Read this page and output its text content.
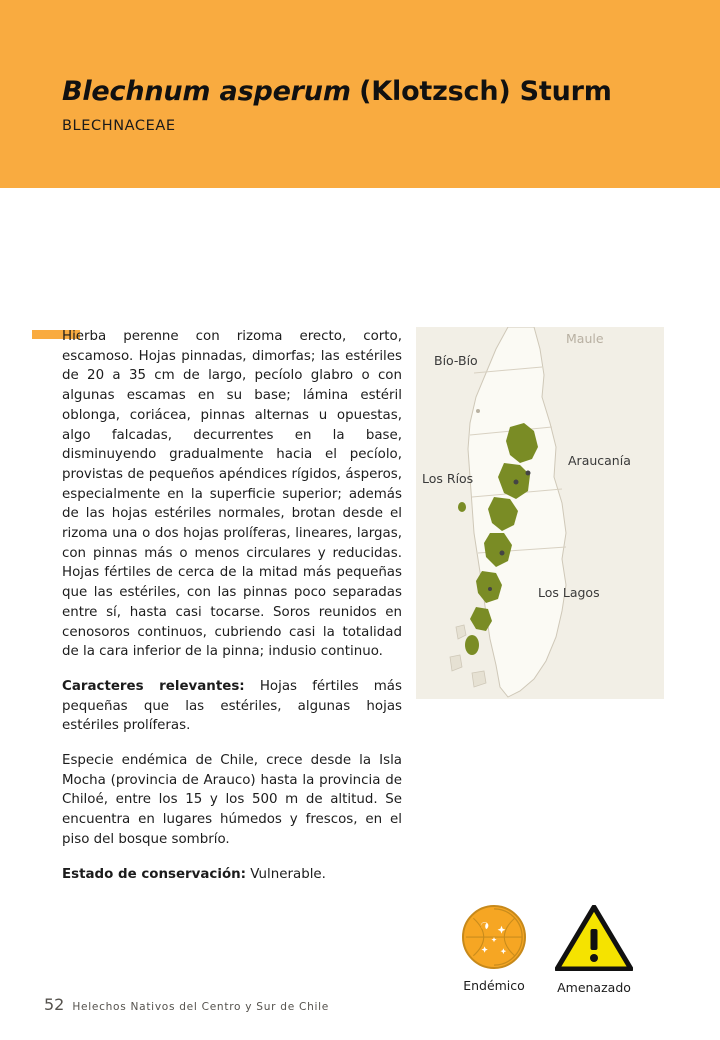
Blechnum asperum (Klotzsch) Sturm
BLECHNACEAE

Hierba perenne con rizoma erecto, corto, escamoso. Hojas pinnadas, dimorfas; las estériles de 20 a 35 cm de largo, pecíolo glabro o con algunas escamas en su base; lámina estéril oblonga, coriácea, pinnas alternas u opuestas, algo falcadas, decurrentes en la base, disminuyendo gradualmente hacia el pecíolo, provistas de pequeños apéndices rígidos, ásperos, especialmente en la superficie superior; además de las hojas estériles normales, brotan desde el rizoma una o dos hojas prolíferas, lineares, largas, con pinnas más o menos circulares y reducidas. Hojas fértiles de cerca de la mitad más pequeñas que las estériles, con las pinnas poco separadas entre sí, hasta casi tocarse. Soros reunidos en cenosoros continuos, cubriendo casi la totalidad de la cara inferior de la pinna; indusio continuo.

Caracteres relevantes: Hojas fértiles más pequeñas que las estériles, algunas hojas estériles prolíferas.

Especie endémica de Chile, crece desde la Isla Mocha (provincia de Arauco) hasta la provincia de Chiloé, entre los 15 y los 500 m de altitud. Se encuentra en lugares húmedos y frescos, en el piso del bosque sombrío.

Estado de conservación: Vulnerable.

Maule
Bío-Bío
Araucanía
Los Ríos
Los Lagos
Endémico	Amenazado
52 Helechos Nativos del Centro y Sur de Chile
